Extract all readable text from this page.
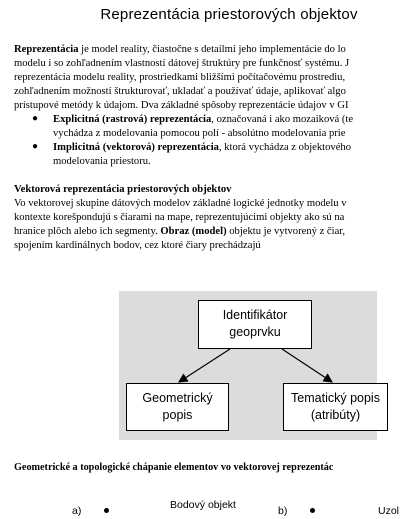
Reprezentácia priestorových objektov
Reprezentácia je model reality, čiastočne s detailmi jeho implementácie do lo
modelu i so zohľadnením vlastností dátovej štruktúry pre funkčnosť systému. J
reprezentácia modelu reality, prostriedkami bližšími počítačovému prostrediu,
zohľadnením možností štrukturovať, ukladať a používať údaje, aplikovať algo
prístupové metódy k údajom. Dva základné spôsoby reprezentácie údajov v GI
● Explicitná (rastrová) reprezentácia, označovaná i ako mozaiková (te
vychádza z modelovania pomocou polí - absolútno modelovania prie
● Implicitná (vektorová) reprezentácia, ktorá vychádza z objektového
modelovania priestoru.
Vektorová reprezentácia priestorových objektov
Vo vektorovej skupine dátových modelov základné logické jednotky modelu v
kontexte korešpondujú s čiarami na mape, reprezentujúcimi objekty ako sú na
hranice plôch alebo ich segmenty. Obraz (model) objektu je vytvorený z čiar,
spojením kardinálnych bodov, cez ktoré čiary prechádzajú
Identifikátor
geoprvku
Geometrický
popis
Tematický popis
(atribúty)
Geometrické a topologické chápanie elementov vo vektorovej reprezentác
a)	Bodový objekt	b)	Uzol
